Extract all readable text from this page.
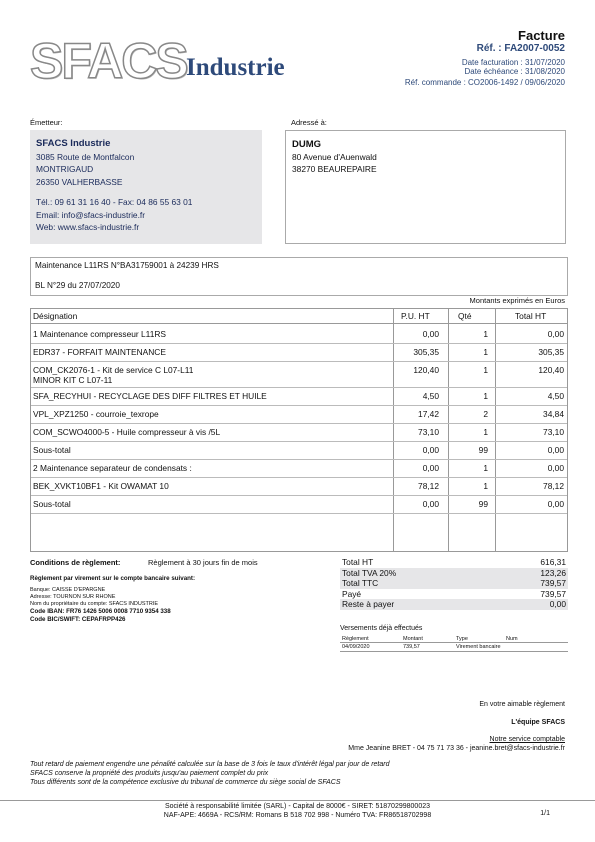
SFACS Industrie
Facture
Réf. : FA2007-0052
Date facturation : 31/07/2020
Date échéance : 31/08/2020
Réf. commande : CO2006-1492 / 09/06/2020
Émetteur:
SFACS Industrie
3085 Route de Montfalcon
MONTRIGAUD
26350 VALHERBASSE
Tél.: 09 61 31 16 40 - Fax: 04 86 55 63 01
Email: info@sfacs-industrie.fr
Web: www.sfacs-industrie.fr
Adressé à:
DUMG
80 Avenue d'Auenwald
38270 BEAUREPAIRE
Maintenance L11RS N°BA31759001 à 24239 HRS
BL N°29 du 27/07/2020
Montants exprimés en Euros
Désignation	P.U. HT	Qté	Total HT
1 Maintenance compresseur L11RS	0,00	1	0,00
EDR37 - FORFAIT MAINTENANCE	305,35	1	305,35
COM_CK2076-1 - Kit de service C L07-L11
MINOR KIT C L07-11
120,40	1	120,40
SFA_RECYHUI - RECYCLAGE DES DIFF FILTRES ET HUILE	4,50	1	4,50
VPL_XPZ1250 - courroie_texrope	17,42	2	34,84
COM_SCWO4000-5 - Huile compresseur à vis /5L	73,10	1	73,10
Sous-total	0,00	99	0,00
2 Maintenance separateur de condensats :	0,00	1	0,00
BEK_XVKT10BF1 - Kit OWAMAT 10	78,12	1	78,12
Sous-total	0,00	99	0,00
Conditions de règlement:	Règlement à 30 jours fin de mois
Règlement par virement sur le compte bancaire suivant:
Banque: CAISSE D'EPARGNE
Adresse: TOURNON SUR RHONE
Nom du propriétaire du compte: SFACS INDUSTRIE
Code IBAN: FR76 1426 5006 0008 7710 9354 338
Code BIC/SWIFT: CEPAFRPP426
Total HT	616,31
Total TVA 20%	123,26
Total TTC	739,57
Payé	739,57
Reste à payer	0,00
Versements déjà effectués
Règlement	Montant	Type	Num
04/09/2020	739,57	Virement bancaire
En votre aimable règlement
L'équipe SFACS
Notre service comptable
Mme Jeanine BRET - 04 75 71 73 36 - jeanine.bret@sfacs-industrie.fr
Tout retard de paiement engendre une pénalité calculée sur la base de 3 fois le taux d'intérêt légal par jour de retard
SFACS conserve la propriété des produits jusqu'au paiement complet du prix
Tous différents sont de la compétence exclusive du tribunal de commerce du siège social de SFACS
Société à responsabilité limitée (SARL) - Capital de 8000€ - SIRET: 51870299800023
NAF-APE: 4669A - RCS/RM: Romans B 518 702 998 - Numéro TVA: FR86518702998	1/1
